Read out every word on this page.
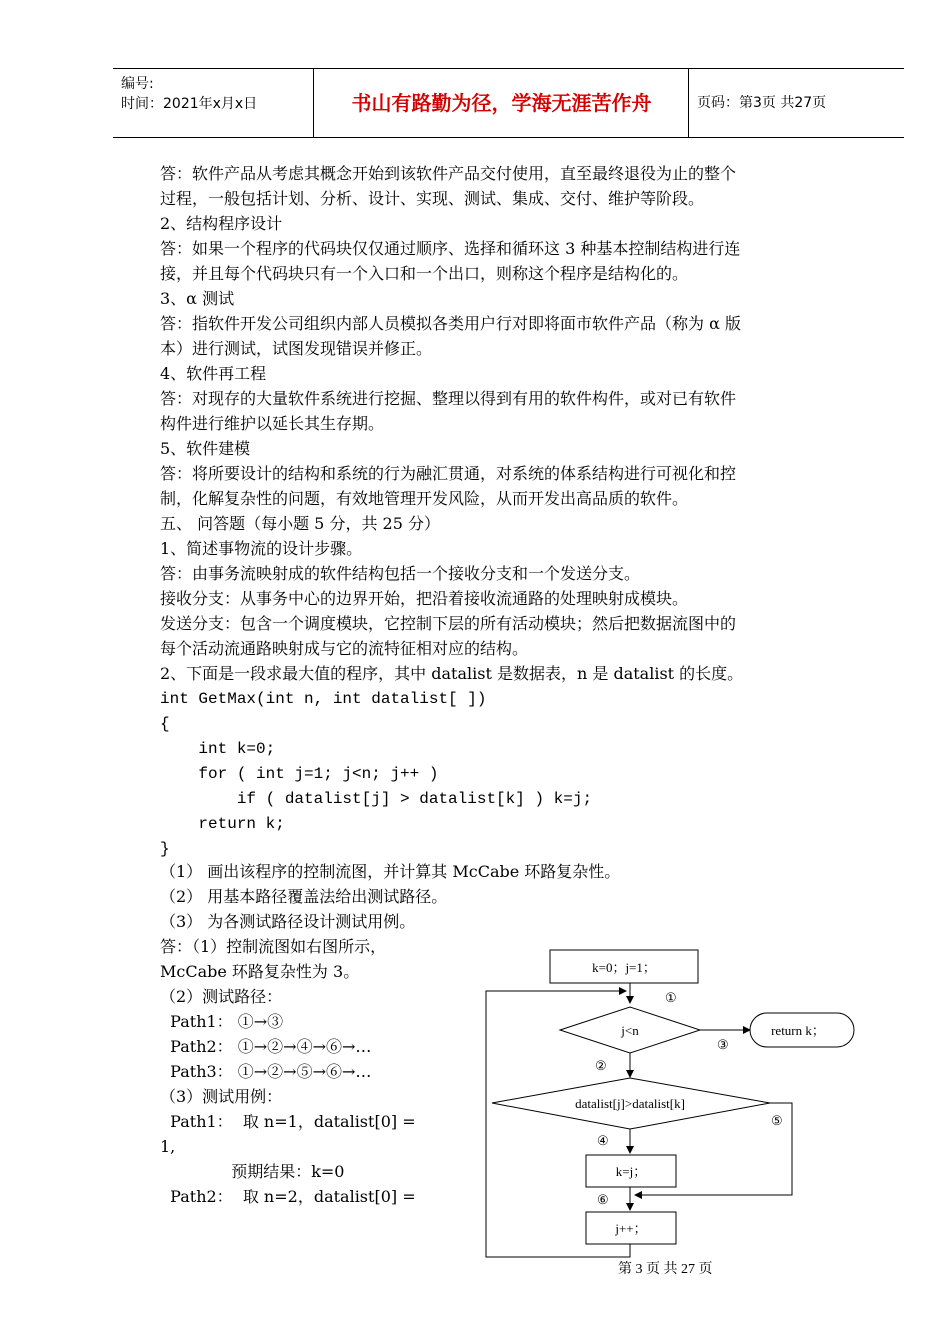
编号:
时间：2021年x月x日	书山有路勤为径，学海无涯苦作舟	页码：第3页 共27页
答：软件产品从考虑其概念开始到该软件产品交付使用，直至最终退役为止的整个
过程，一般包括计划、分析、设计、实现、测试、集成、交付、维护等阶段。
2、结构程序设计
答：如果一个程序的代码块仅仅通过顺序、选择和循环这 3 种基本控制结构进行连
接，并且每个代码块只有一个入口和一个出口，则称这个程序是结构化的。
3、α 测试
答：指软件开发公司组织内部人员模拟各类用户行对即将面市软件产品（称为 α 版
本）进行测试，试图发现错误并修正。
4、软件再工程
答：对现存的大量软件系统进行挖掘、整理以得到有用的软件构件，或对已有软件
构件进行维护以延长其生存期。
5、软件建模
答：将所要设计的结构和系统的行为融汇贯通，对系统的体系结构进行可视化和控
制，化解复杂性的问题，有效地管理开发风险，从而开发出高品质的软件。
五、 问答题（每小题 5 分，共 25 分）
1、简述事物流的设计步骤。
答：由事务流映射成的软件结构包括一个接收分支和一个发送分支。
接收分支：从事务中心的边界开始，把沿着接收流通路的处理映射成模块。
发送分支：包含一个调度模块，它控制下层的所有活动模块；然后把数据流图中的
每个活动流通路映射成与它的流特征相对应的结构。
2、下面是一段求最大值的程序，其中 datalist 是数据表，n 是 datalist 的长度。
int GetMax(int n, int datalist[ ])
{
int k=0;
for ( int j=1; j<n; j++ )
if ( datalist[j] > datalist[k] ) k=j;
return k;
}
（1） 画出该程序的控制流图，并计算其 McCabe 环路复杂性。
（2） 用基本路径覆盖法给出测试路径。
（3） 为各测试路径设计测试用例。
答：（1）控制流图如右图所示，
McCabe 环路复杂性为 3。
（2）测试路径：
Path1： ①→③
Path2： ①→②→④→⑥→…
Path3： ①→②→⑤→⑥→…
（3）测试用例：
Path1：  取 n=1，datalist[0] =
1,
预期结果：k=0
Path2：  取 n=2，datalist[0] =
k=0；j=1；
①
j<n
③
return k；
②
datalist[j]>datalist[k]
④
k=j；
⑤
⑥
j++；
第 3 页 共 27 页
